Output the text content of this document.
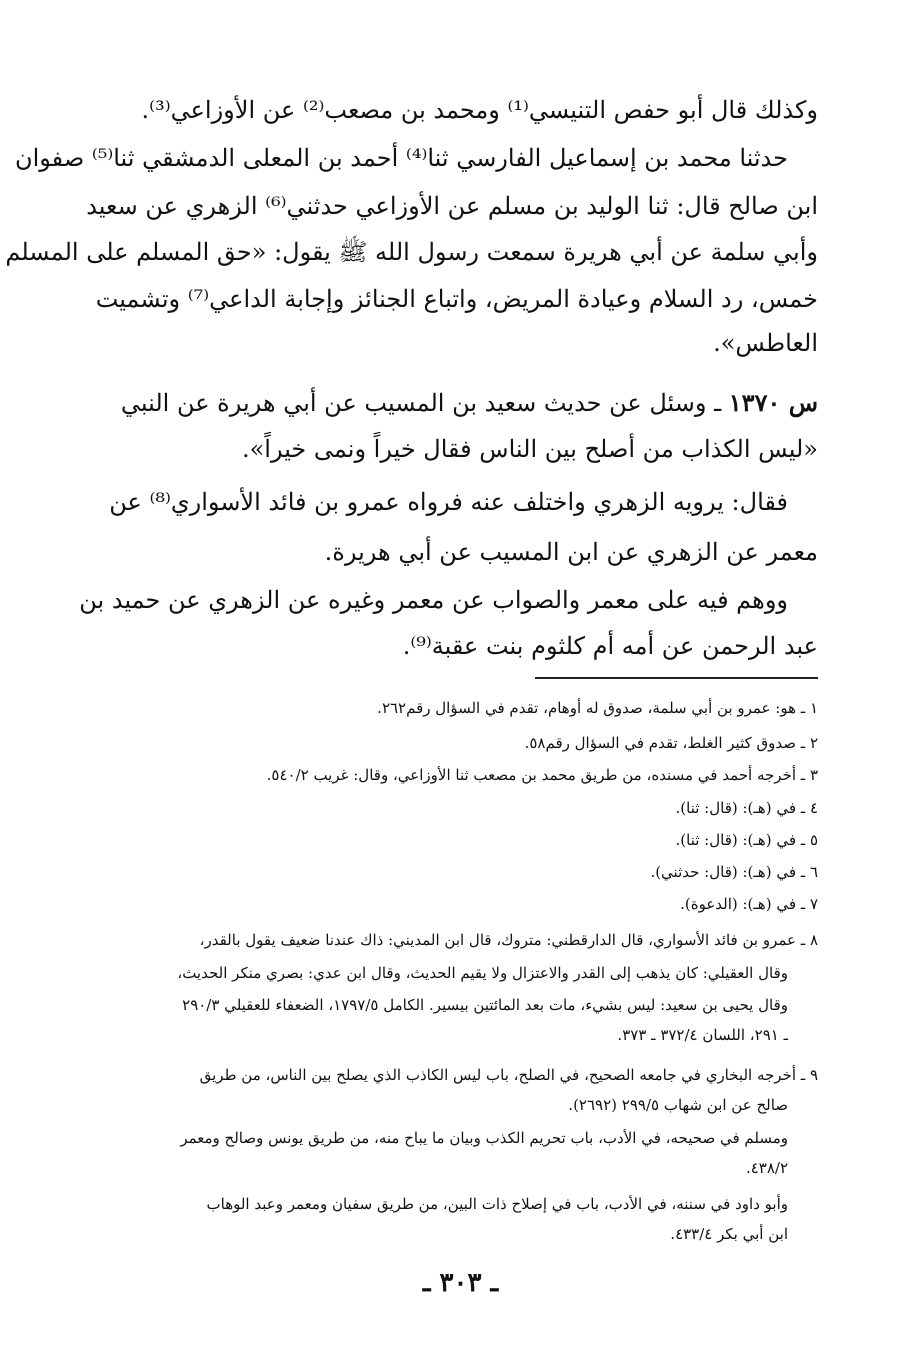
وكذلك قال أبو حفص التنيسي⁽¹⁾ ومحمد بن مصعب⁽²⁾ عن الأوزاعي⁽³⁾.
حدثنا محمد بن إسماعيل الفارسي ثنا⁽⁴⁾ أحمد بن المعلى الدمشقي ثنا⁽⁵⁾ صفوان
ابن صالح قال: ثنا الوليد بن مسلم عن الأوزاعي حدثني⁽⁶⁾ الزهري عن سعيد
وأبي سلمة عن أبي هريرة سمعت رسول الله ﷺ يقول: «حق المسلم على المسلم
خمس، رد السلام وعيادة المريض، واتباع الجنائز وإجابة الداعي⁽⁷⁾ وتشميت
العاطس».
س ١٣٧٠ ـ وسئل عن حديث سعيد بن المسيب عن أبي هريرة عن النبي
«ليس الكذاب من أصلح بين الناس فقال خيراً ونمى خيراً».
فقال: يرويه الزهري واختلف عنه فرواه عمرو بن فائد الأسواري⁽⁸⁾ عن
معمر عن الزهري عن ابن المسيب عن أبي هريرة.
ووهم فيه على معمر والصواب عن معمر وغيره عن الزهري عن حميد بن
عبد الرحمن عن أمه أم كلثوم بنت عقبة⁽⁹⁾.
١ ـ هو: عمرو بن أبي سلمة، صدوق له أوهام، تقدم في السؤال رقم٢٦٢.
٢ ـ صدوق كثير الغلط، تقدم في السؤال رقم٥٨.
٣ ـ أخرجه أحمد في مسنده، من طريق محمد بن مصعب ثنا الأوزاعي، وقال: غريب ٥٤٠/٢.
٤ ـ في (هـ): (قال: ثنا).
٥ ـ في (هـ): (قال: ثنا).
٦ ـ في (هـ): (قال: حدثني).
٧ ـ في (هـ): (الدعوة).
٨ ـ عمرو بن فائد الأسواري، قال الدارقطني: متروك، قال ابن المديني: ذاك عندنا ضعيف يقول بالقدر،
وقال العقيلي: كان يذهب إلى القدر والاعتزال ولا يقيم الحديث، وقال ابن عدي: بصري منكر الحديث،
وقال يحيى بن سعيد: ليس بشيء، مات بعد المائتين بيسير. الكامل ١٧٩٧/٥، الضعفاء للعقيلي ٢٩٠/٣
ـ ٢٩١، اللسان ٣٧٢/٤ ـ ٣٧٣.
٩ ـ أخرجه البخاري في جامعه الصحيح، في الصلح، باب ليس الكاذب الذي يصلح بين الناس، من طريق
صالح عن ابن شهاب ٢٩٩/٥ (٢٦٩٢).
ومسلم في صحيحه، في الأدب، باب تحريم الكذب وبيان ما يباح منه، من طريق يونس وصالح ومعمر
٤٣٨/٢.
وأبو داود في سننه، في الأدب، باب في إصلاح ذات البين، من طريق سفيان ومعمر وعبد الوهاب
ابن أبي بكر ٤٣٣/٤.
ـ ٣٠٣ ـ
